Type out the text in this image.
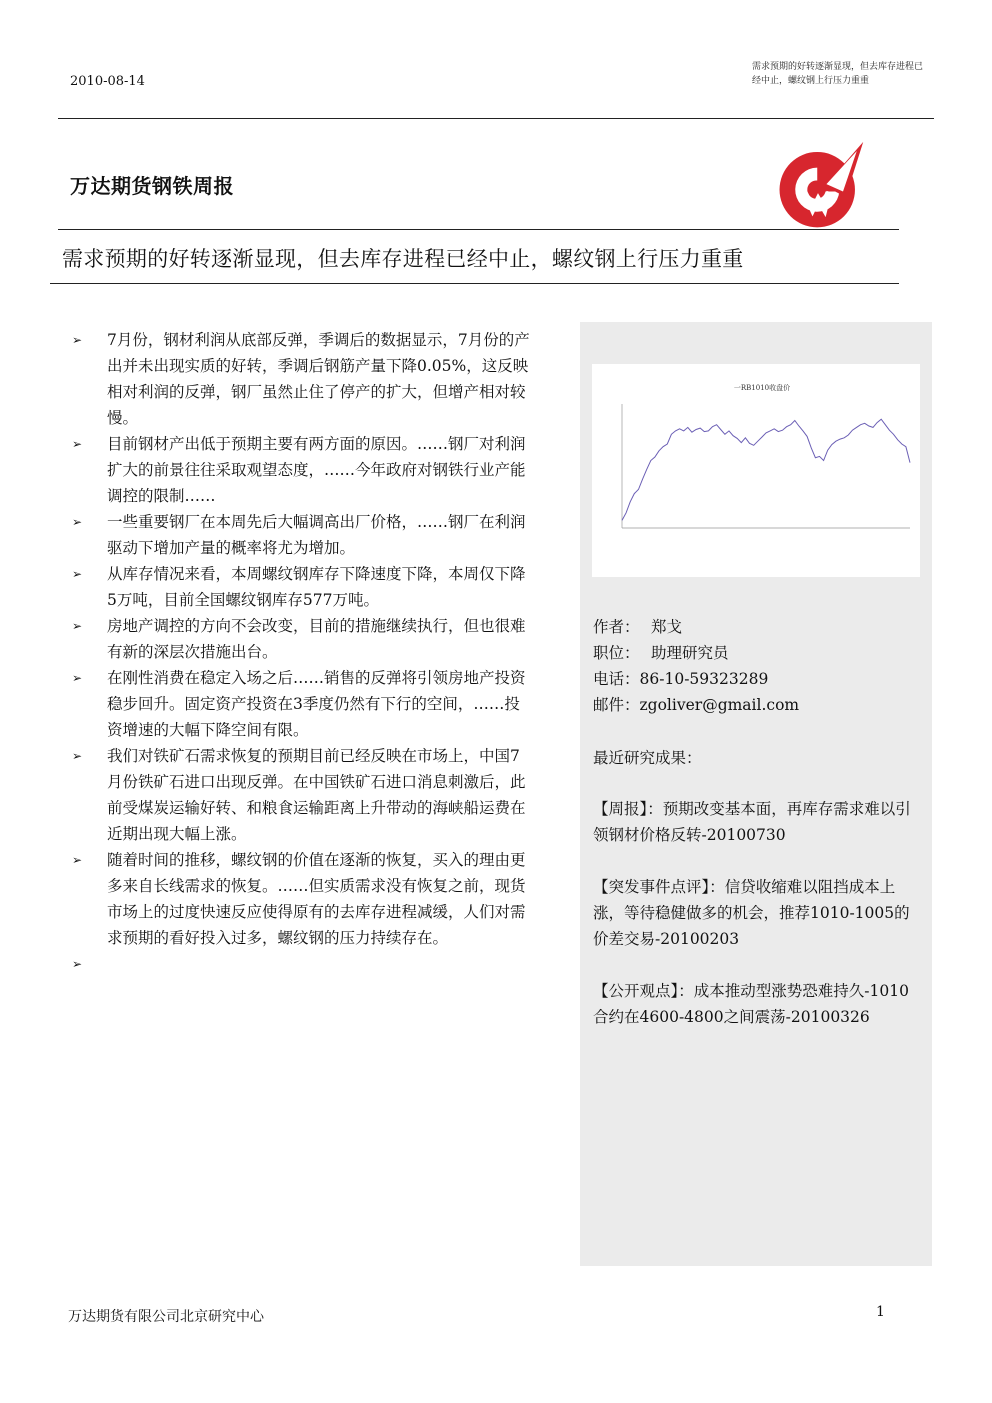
2010-08-14
需求预期的好转逐渐显现，但去库存进程已经中止，螺纹钢上行压力重重
万达期货钢铁周报
需求预期的好转逐渐显现，但去库存进程已经中止，螺纹钢上行压力重重
➢ 7月份，钢材利润从底部反弹，季调后的数据显示，7月份的产出并未出现实质的好转，季调后钢筋产量下降0.05%，这反映相对利润的反弹，钢厂虽然止住了停产的扩大，但增产相对较慢。
➢ 目前钢材产出低于预期主要有两方面的原因。……钢厂对利润扩大的前景往往采取观望态度，……今年政府对钢铁行业产能调控的限制……
➢ 一些重要钢厂在本周先后大幅调高出厂价格，……钢厂在利润驱动下增加产量的概率将尤为增加。
➢ 从库存情况来看，本周螺纹钢库存下降速度下降，本周仅下降5万吨，目前全国螺纹钢库存577万吨。
➢ 房地产调控的方向不会改变，目前的措施继续执行，但也很难有新的深层次措施出台。
➢ 在刚性消费在稳定入场之后……销售的反弹将引领房地产投资稳步回升。固定资产投资在3季度仍然有下行的空间，……投资增速的大幅下降空间有限。
➢ 我们对铁矿石需求恢复的预期目前已经反映在市场上，中国7月份铁矿石进口出现反弹。在中国铁矿石进口消息刺激后，此前受煤炭运输好转、和粮食运输距离上升带动的海峡船运费在近期出现大幅上涨。
➢ 随着时间的推移，螺纹钢的价值在逐渐的恢复，买入的理由更多来自长线需求的恢复。……但实质需求没有恢复之前，现货市场上的过度快速反应使得原有的去库存进程减缓，人们对需求预期的看好投入过多，螺纹钢的压力持续存在。
➢
一RB1010收盘价
作者： 郑戈
职位： 助理研究员
电话：86-10-59323289
邮件：zgoliver@gmail.com
最近研究成果：
【周报】：预期改变基本面，再库存需求难以引领钢材价格反转-20100730
【突发事件点评】：信贷收缩难以阻挡成本上涨，等待稳健做多的机会，推荐1010-1005的价差交易-20100203
【公开观点】：成本推动型涨势恐难持久-1010合约在4600-4800之间震荡-20100326
万达期货有限公司北京研究中心	1
